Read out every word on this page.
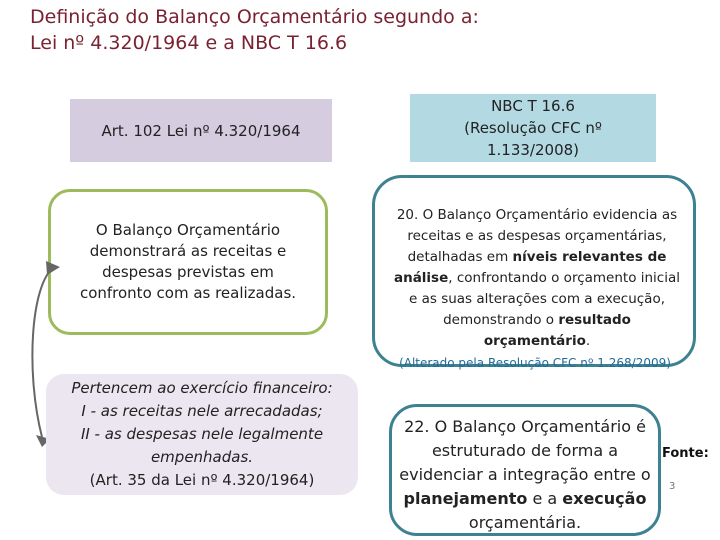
Definição do Balanço Orçamentário segundo a:
Lei nº 4.320/1964 e a NBC T 16.6
Art. 102 Lei nº 4.320/1964
NBC T 16.6
(Resolução CFC nº
1.133/2008)
O Balanço Orçamentário demonstrará as receitas e despesas previstas em confronto com as realizadas.
20. O Balanço Orçamentário evidencia as receitas e as despesas orçamentárias, detalhadas em níveis relevantes de análise, confrontando o orçamento inicial e as suas alterações com a execução, demonstrando o resultado orçamentário.
(Alterado pela Resolução CFC nº 1.268/2009)
Pertencem ao exercício financeiro:
I - as receitas nele arrecadadas;
II - as despesas nele legalmente empenhadas.
(Art. 35 da Lei nº 4.320/1964)
22. O Balanço Orçamentário é estruturado de forma a evidenciar a integração entre o planejamento e a execução orçamentária.
Fonte:
3
